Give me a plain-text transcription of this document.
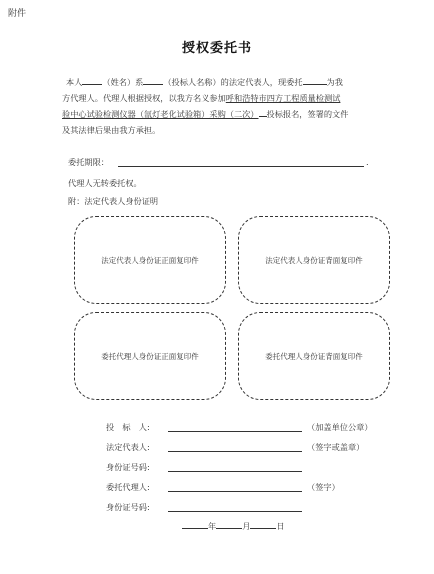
附件
授权委托书
本人 （姓名）系 （投标人名称）的法定代表人，现委托	为我
方代理人。代理人根据授权，以我方名义参加呼和浩特市四方工程质量检测试
验中心试验检测仪器（氙灯老化试验箱）采购（二次） 投标报名，签署的文件
及其法律后果由我方承担。
委托期限：	.
代理人无转委托权。
附：法定代表人身份证明
法定代表人身份证正面复印件	法定代表人身份证背面复印件
委托代理人身份证正面复印件	委托代理人身份证背面复印件
投　标　人:	（加盖单位公章）
法定代表人:	（签字或盖章）
身份证号码:
委托代理人:	（签字）
身份证号码:
年	月	日
